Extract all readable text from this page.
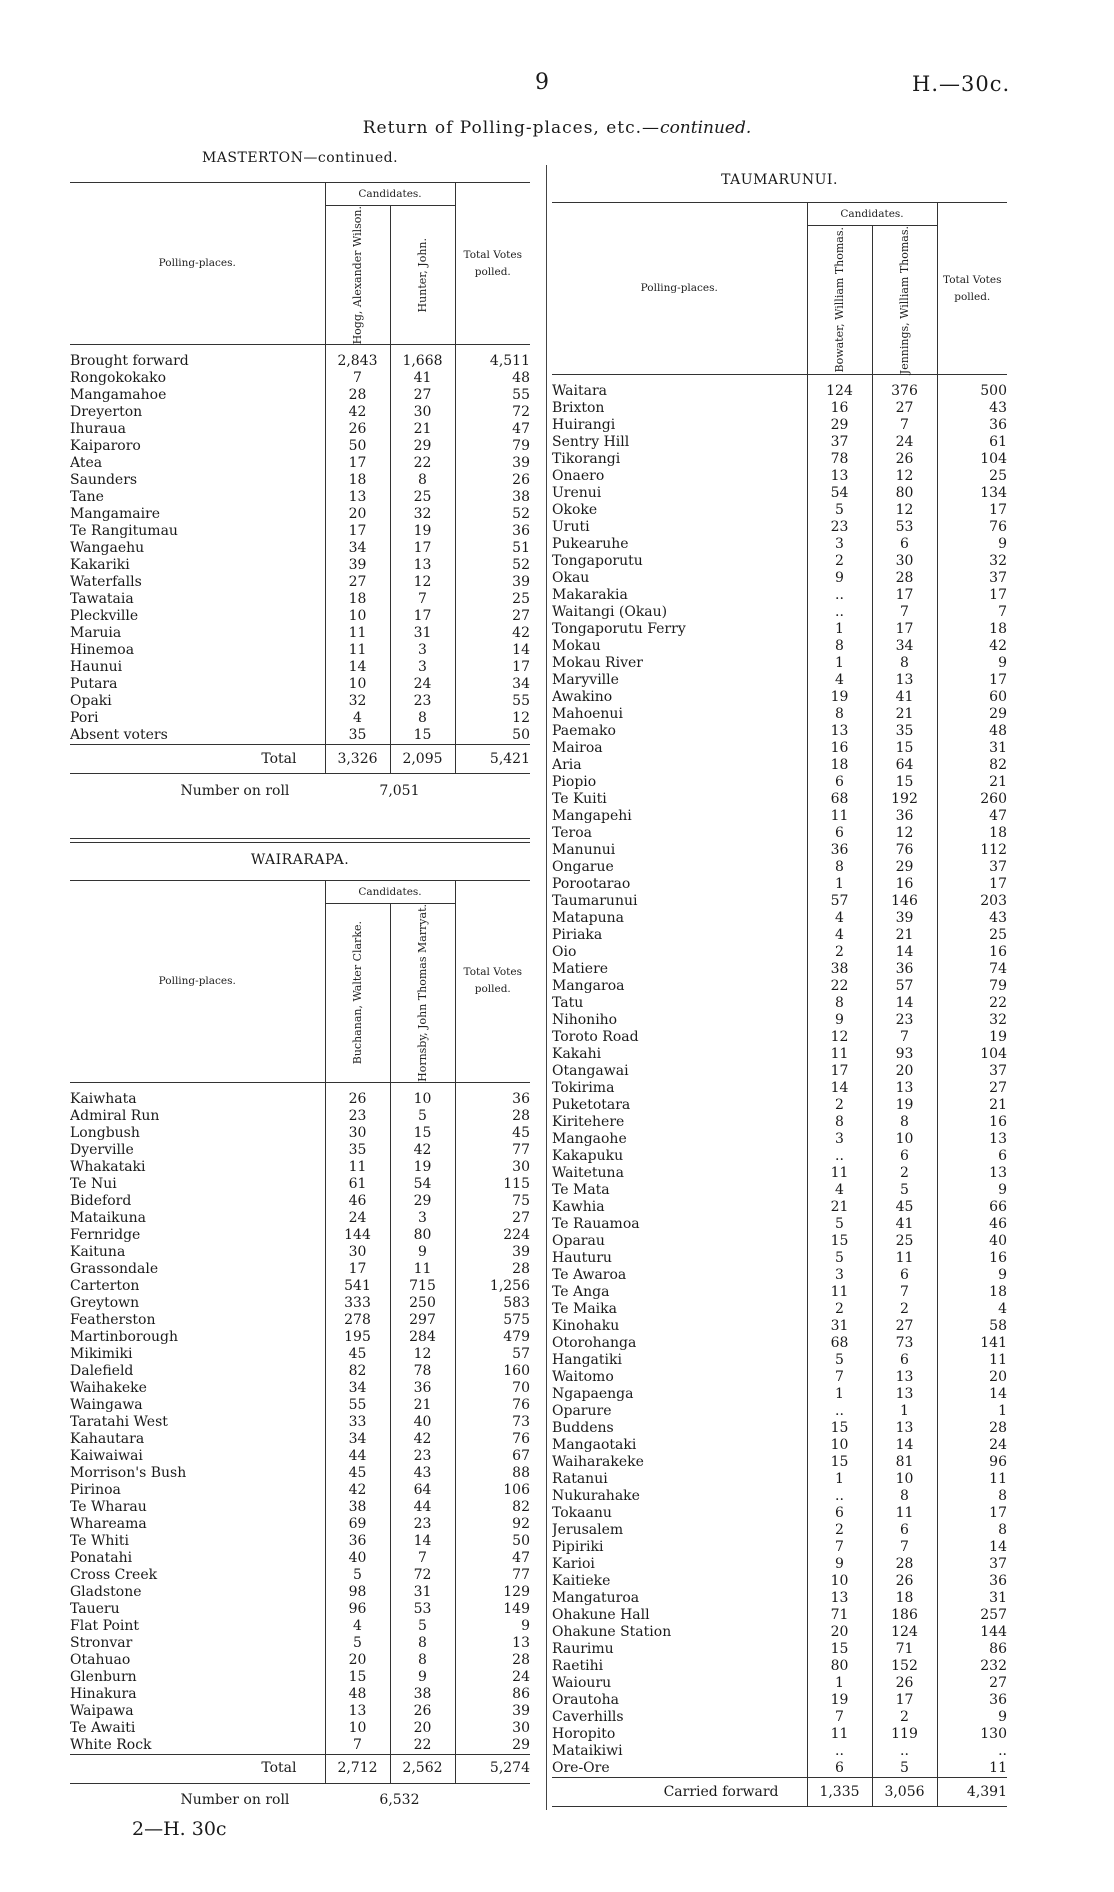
9	H.—30c.
Return of Polling-places, etc.—continued.
MASTERTON—continued.
Polling-places.	Candidates.		Total Votes polled.

	Hogg, Alexander Wilson.	Hunter, John.	

Brought forward	2,843	1,668	4,511
Rongokokako	7	41	48
Mangamahoe	28	27	55
Dreyerton	42	30	72
Ihuraua	26	21	47
Kaiparoro	50	29	79
Atea	17	22	39
Saunders	18	8	26
Tane	13	25	38
Mangamaire	20	32	52
Te Rangitumau	17	19	36
Wangaehu	34	17	51
Kakariki	39	13	52
Waterfalls	27	12	39
Tawataia	18	7	25
Pleckville	10	17	27
Maruia	11	31	42
Hinemoa	11	3	14
Haunui	14	3	17
Putara	10	24	34
Opaki	32	23	55
Pori	4	8	12
Absent voters	35	15	50
Total	3,326	2,095	5,421
Number on roll 7,051			
WAIRARAPA.
Polling-places.	Candidates.		Total Votes polled.

	Buchanan, Walter Clarke.	Hornsby, John Thomas Marryat.	

Kaiwhata	26	10	36
Admiral Run	23	5	28
Longbush	30	15	45
Dyerville	35	42	77
Whakataki	11	19	30
Te Nui	61	54	115
Bideford	46	29	75
Mataikuna	24	3	27
Fernridge	144	80	224
Kaituna	30	9	39
Grassondale	17	11	28
Carterton	541	715	1,256
Greytown	333	250	583
Featherston	278	297	575
Martinborough	195	284	479
Mikimiki	45	12	57
Dalefield	82	78	160
Waihakeke	34	36	70
Waingawa	55	21	76
Taratahi West	33	40	73
Kahautara	34	42	76
Kaiwaiwai	44	23	67
Morrison's Bush	45	43	88
Pirinoa	42	64	106
Te Wharau	38	44	82
Whareama	69	23	92
Te Whiti	36	14	50
Ponatahi	40	7	47
Cross Creek	5	72	77
Gladstone	98	31	129
Taueru	96	53	149
Flat Point	4	5	9
Stronvar	5	8	13
Otahuao	20	8	28
Glenburn	15	9	24
Hinakura	48	38	86
Waipawa	13	26	39
Te Awaiti	10	20	30
White Rock	7	22	29
Total	2,712	2,562	5,274
Number on roll 6,532			
TAUMARUNUI.
Polling-places.	Candidates.		Total Votes polled.

	Bowater, William Thomas.	Jennings, William Thomas.	

Waitara	124	376	500
Brixton	16	27	43
Huirangi	29	7	36
Sentry Hill	37	24	61
Tikorangi	78	26	104
Onaero	13	12	25
Urenui	54	80	134
Okoke	5	12	17
Uruti	23	53	76
Pukearuhe	3	6	9
Tongaporutu	2	30	32
Okau	9	28	37
Makarakia	..	17	17
Waitangi (Okau)	..	7	7
Tongaporutu Ferry	1	17	18
Mokau	8	34	42
Mokau River	1	8	9
Maryville	4	13	17
Awakino	19	41	60
Mahoenui	8	21	29
Paemako	13	35	48
Mairoa	16	15	31
Aria	18	64	82
Piopio	6	15	21
Te Kuiti	68	192	260
Mangapehi	11	36	47
Teroa	6	12	18
Manunui	36	76	112
Ongarue	8	29	37
Porootarao	1	16	17
Taumarunui	57	146	203
Matapuna	4	39	43
Piriaka	4	21	25
Oio	2	14	16
Matiere	38	36	74
Mangaroa	22	57	79
Tatu	8	14	22
Nihoniho	9	23	32
Toroto Road	12	7	19
Kakahi	11	93	104
Otangawai	17	20	37
Tokirima	14	13	27
Puketotara	2	19	21
Kiritehere	8	8	16
Mangaohe	3	10	13
Kakapuku	..	6	6
Waitetuna	11	2	13
Te Mata	4	5	9
Kawhia	21	45	66
Te Rauamoa	5	41	46
Oparau	15	25	40
Hauturu	5	11	16
Te Awaroa	3	6	9
Te Anga	11	7	18
Te Maika	2	2	4
Kinohaku	31	27	58
Otorohanga	68	73	141
Hangatiki	5	6	11
Waitomo	7	13	20
Ngapaenga	1	13	14
Oparure	..	1	1
Buddens	15	13	28
Mangaotaki	10	14	24
Waiharakeke	15	81	96
Ratanui	1	10	11
Nukurahake	..	8	8
Tokaanu	6	11	17
Jerusalem	2	6	8
Pipiriki	7	7	14
Karioi	9	28	37
Kaitieke	10	26	36
Mangaturoa	13	18	31
Ohakune Hall	71	186	257
Ohakune Station	20	124	144
Raurimu	15	71	86
Raetihi	80	152	232
Waiouru	1	26	27
Orautoha	19	17	36
Caverhills	7	2	9
Horopito	11	119	130
Mataikiwi	..	..	..
Ore-Ore	6	5	11
Carried forward	1,335	3,056	4,391
2—H. 30c
